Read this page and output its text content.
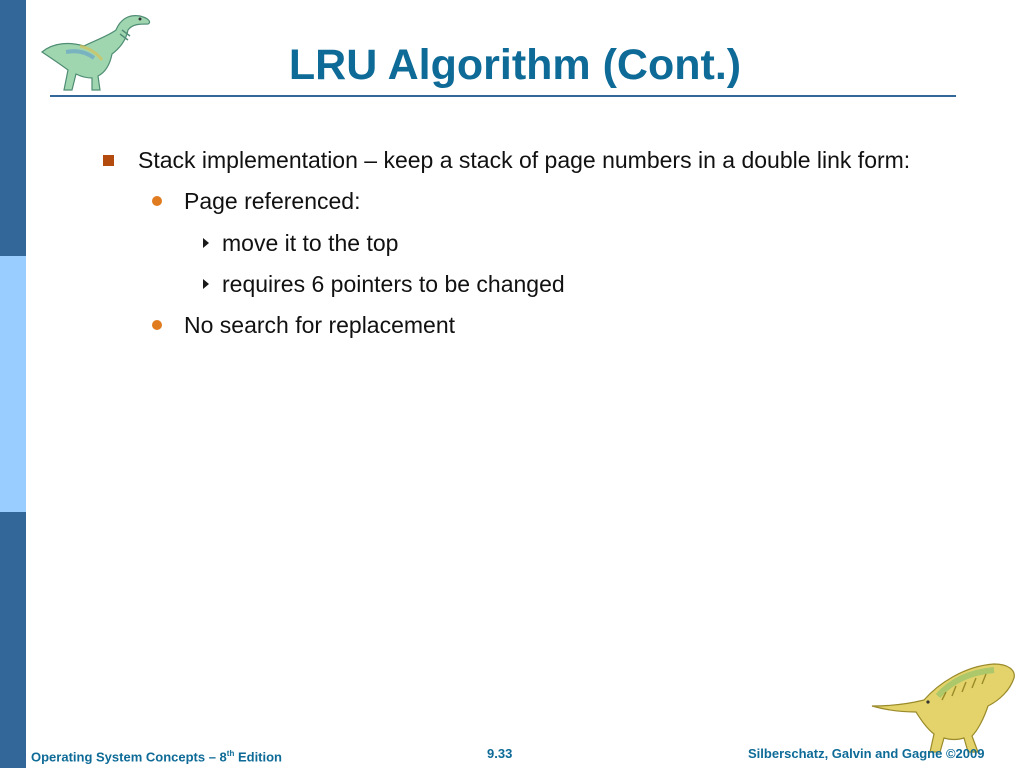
LRU Algorithm (Cont.)
Stack implementation – keep a stack of page numbers in a double link form:
Page referenced:
move it to the top
requires 6 pointers to be changed
No search for replacement
Operating System Concepts – 8th Edition	9.33	Silberschatz, Galvin and Gagne ©2009
